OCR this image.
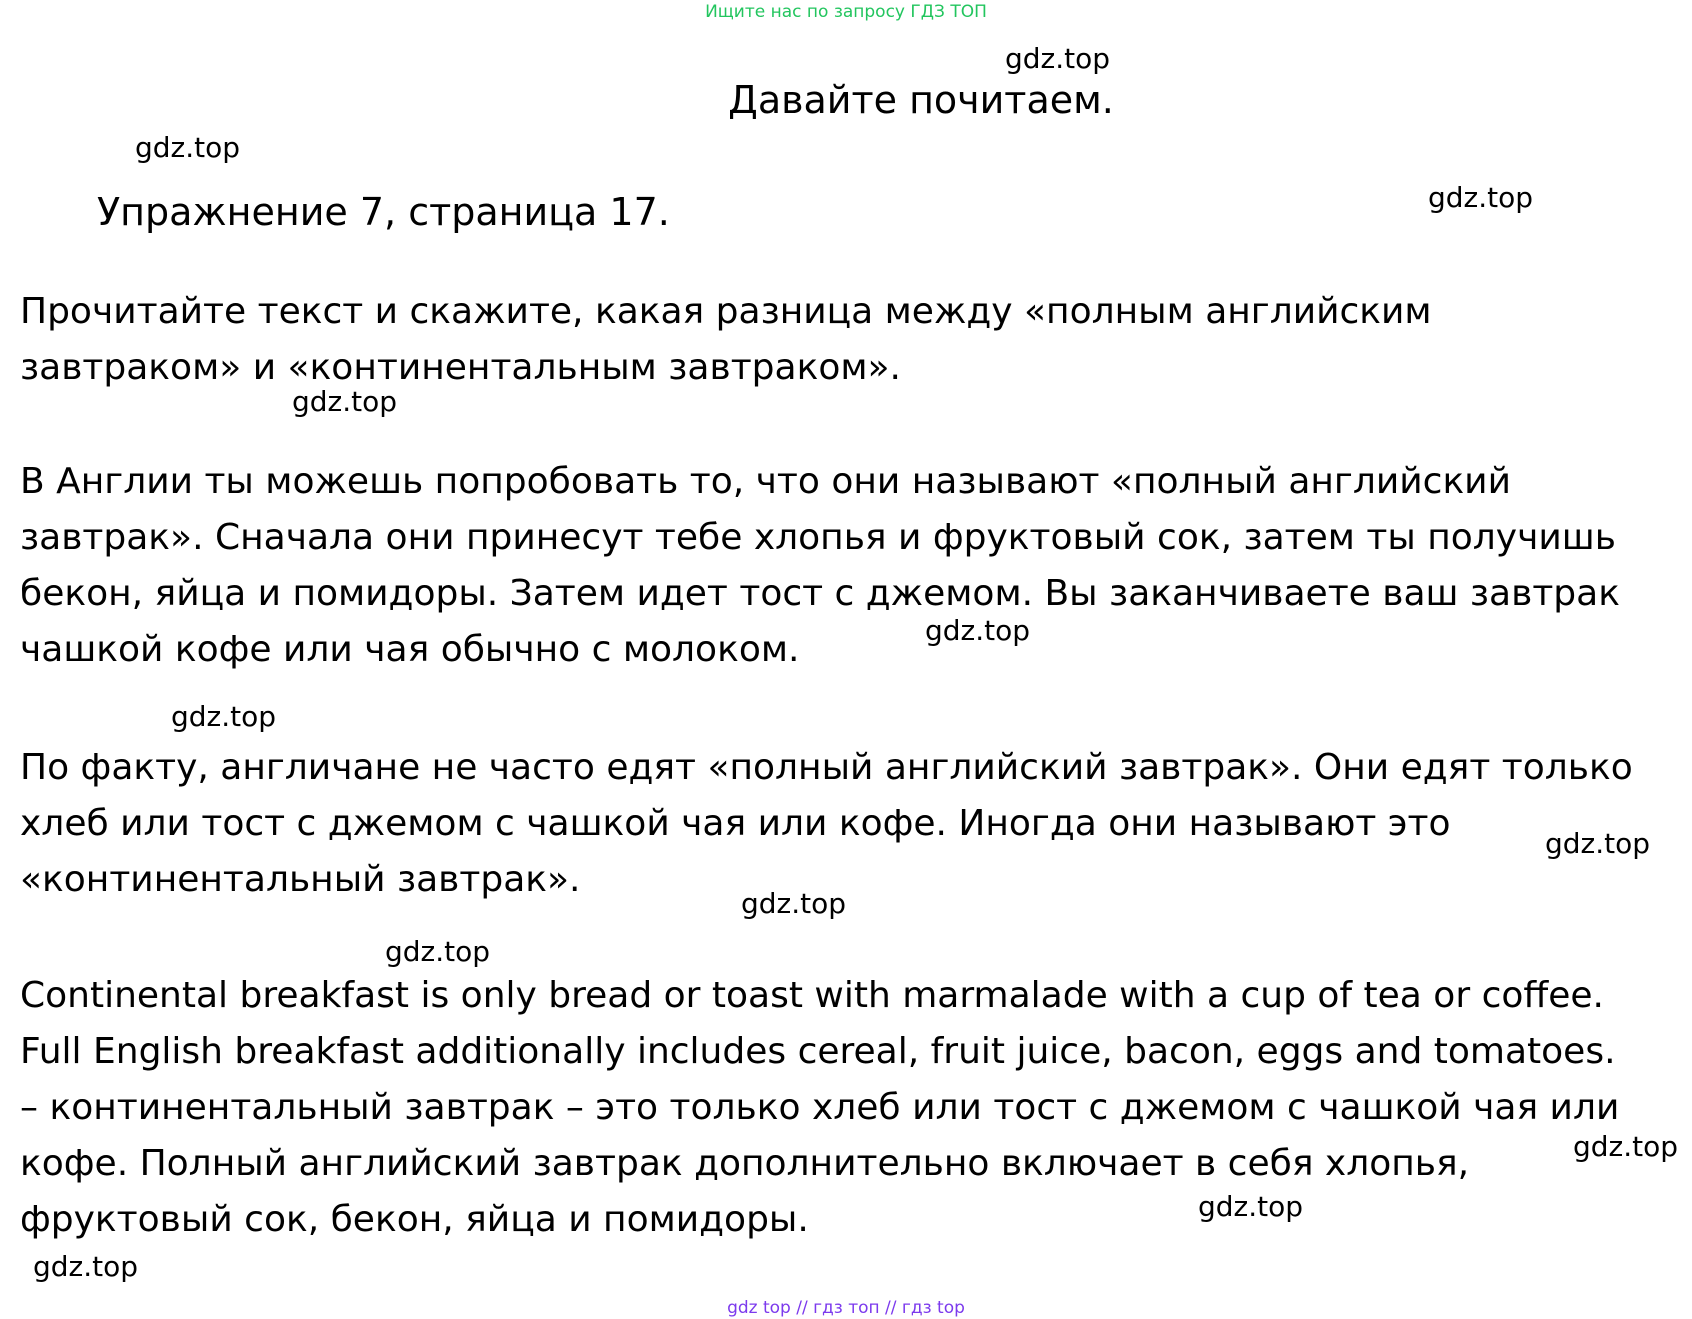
Ищите нас по запросу ГДЗ ТОП
gdz.top
Давайте почитаем.
gdz.top
gdz.top
Упражнение 7, страница 17.
Прочитайте текст и скажите, какая разница между «полным английским
завтраком» и «континентальным завтраком».
gdz.top
В Англии ты можешь попробовать то, что они называют «полный английский
завтрак». Сначала они принесут тебе хлопья и фруктовый сок, затем ты получишь
бекон, яйца и помидоры. Затем идет тост с джемом. Вы заканчиваете ваш завтрак
чашкой кофе или чая обычно с молоком.	gdz.top
gdz.top
По факту, англичане не часто едят «полный английский завтрак». Они едят только
хлеб или тост с джемом с чашкой чая или кофе. Иногда они называют это
«континентальный завтрак».
gdz.top
gdz.top
gdz.top
Continental breakfast is only bread or toast with marmalade with a cup of tea or coffee.
Full English breakfast additionally includes cereal, fruit juice, bacon, eggs and tomatoes.
– континентальный завтрак – это только хлеб или тост с джемом с чашкой чая или
кофе. Полный английский завтрак дополнительно включает в себя хлопья,
фруктовый сок, бекон, яйца и помидоры.
gdz.top
gdz.top
gdz.top
gdz top // гдз топ // гдз top
